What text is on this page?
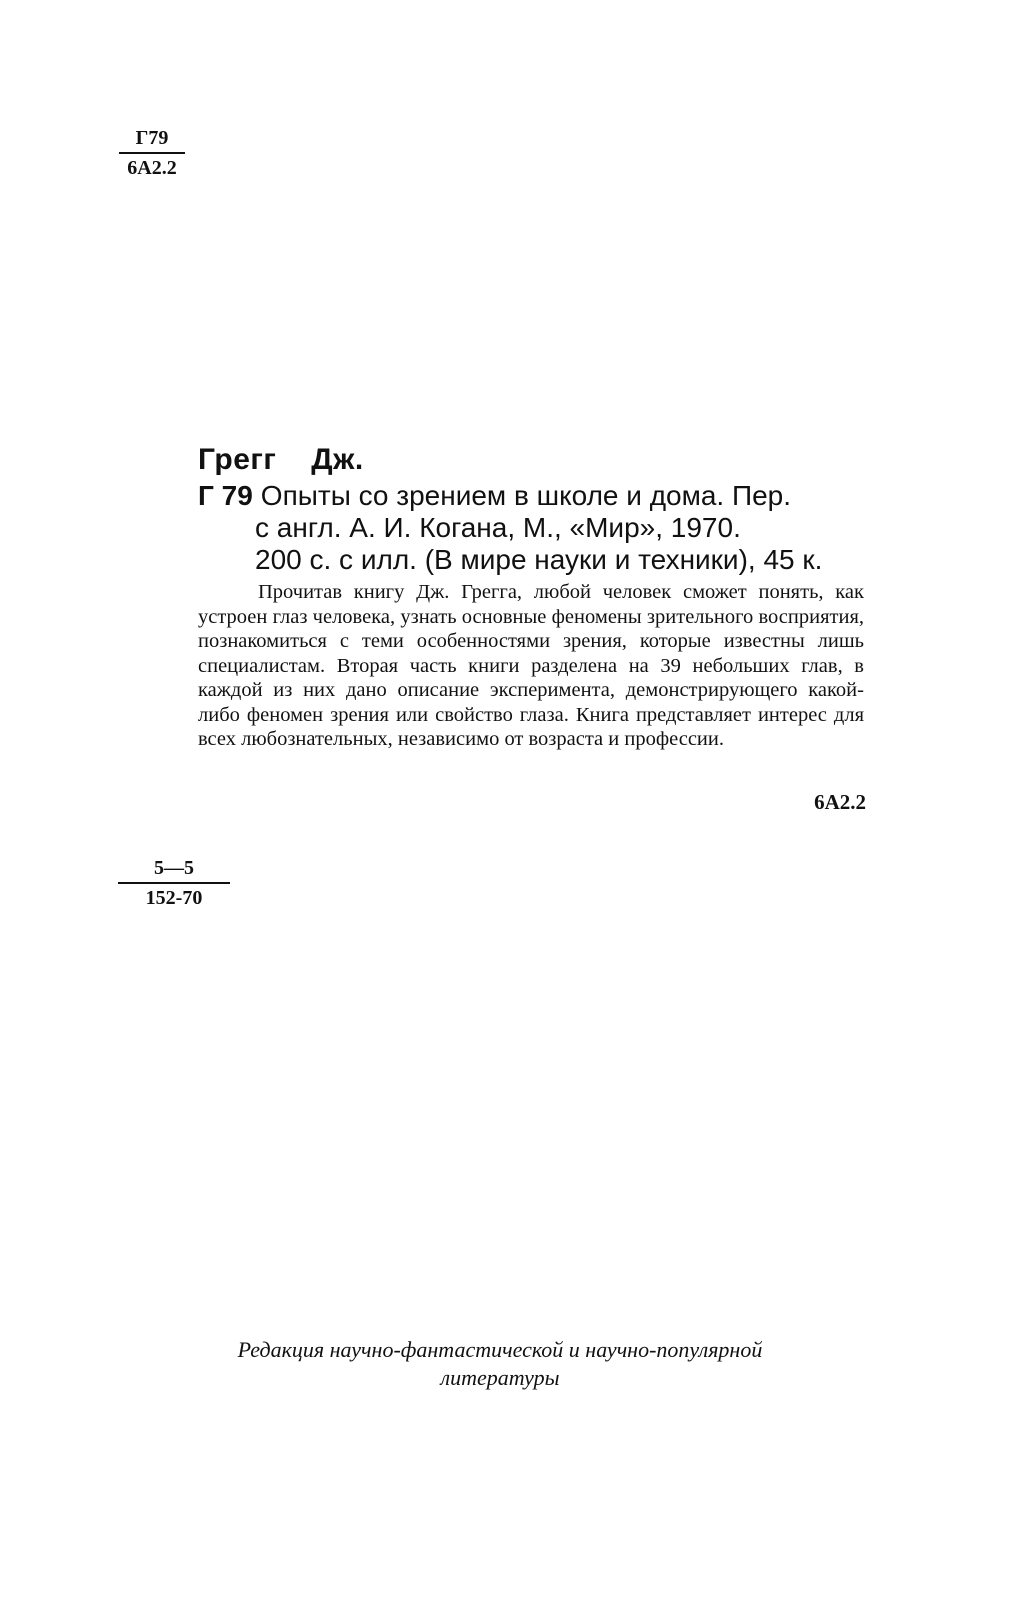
Г79
6А2.2
Грегг Дж.
Г 79 Опыты со зрением в школе и дома. Пер.
с англ. А. И. Когана, М., «Мир», 1970.
200 с. с илл. (В мире науки и техники), 45 к.

Прочитав книгу Дж. Грегга, любой человек сможет понять, как устроен глаз человека, узнать основные феномены зрительного восприятия, познакомиться с теми особенностями зрения, которые известны лишь специалистам. Вторая часть книги разделена на 39 небольших глав, в каждой из них дано описание эксперимента, демонстрирующего какой-либо феномен зрения или свойство глаза. Книга представляет интерес для всех любознательных, независимо от возраста и профессии.

6А2.2
5—5
152-70
Редакция научно-фантастической и научно-популярной
литературы
